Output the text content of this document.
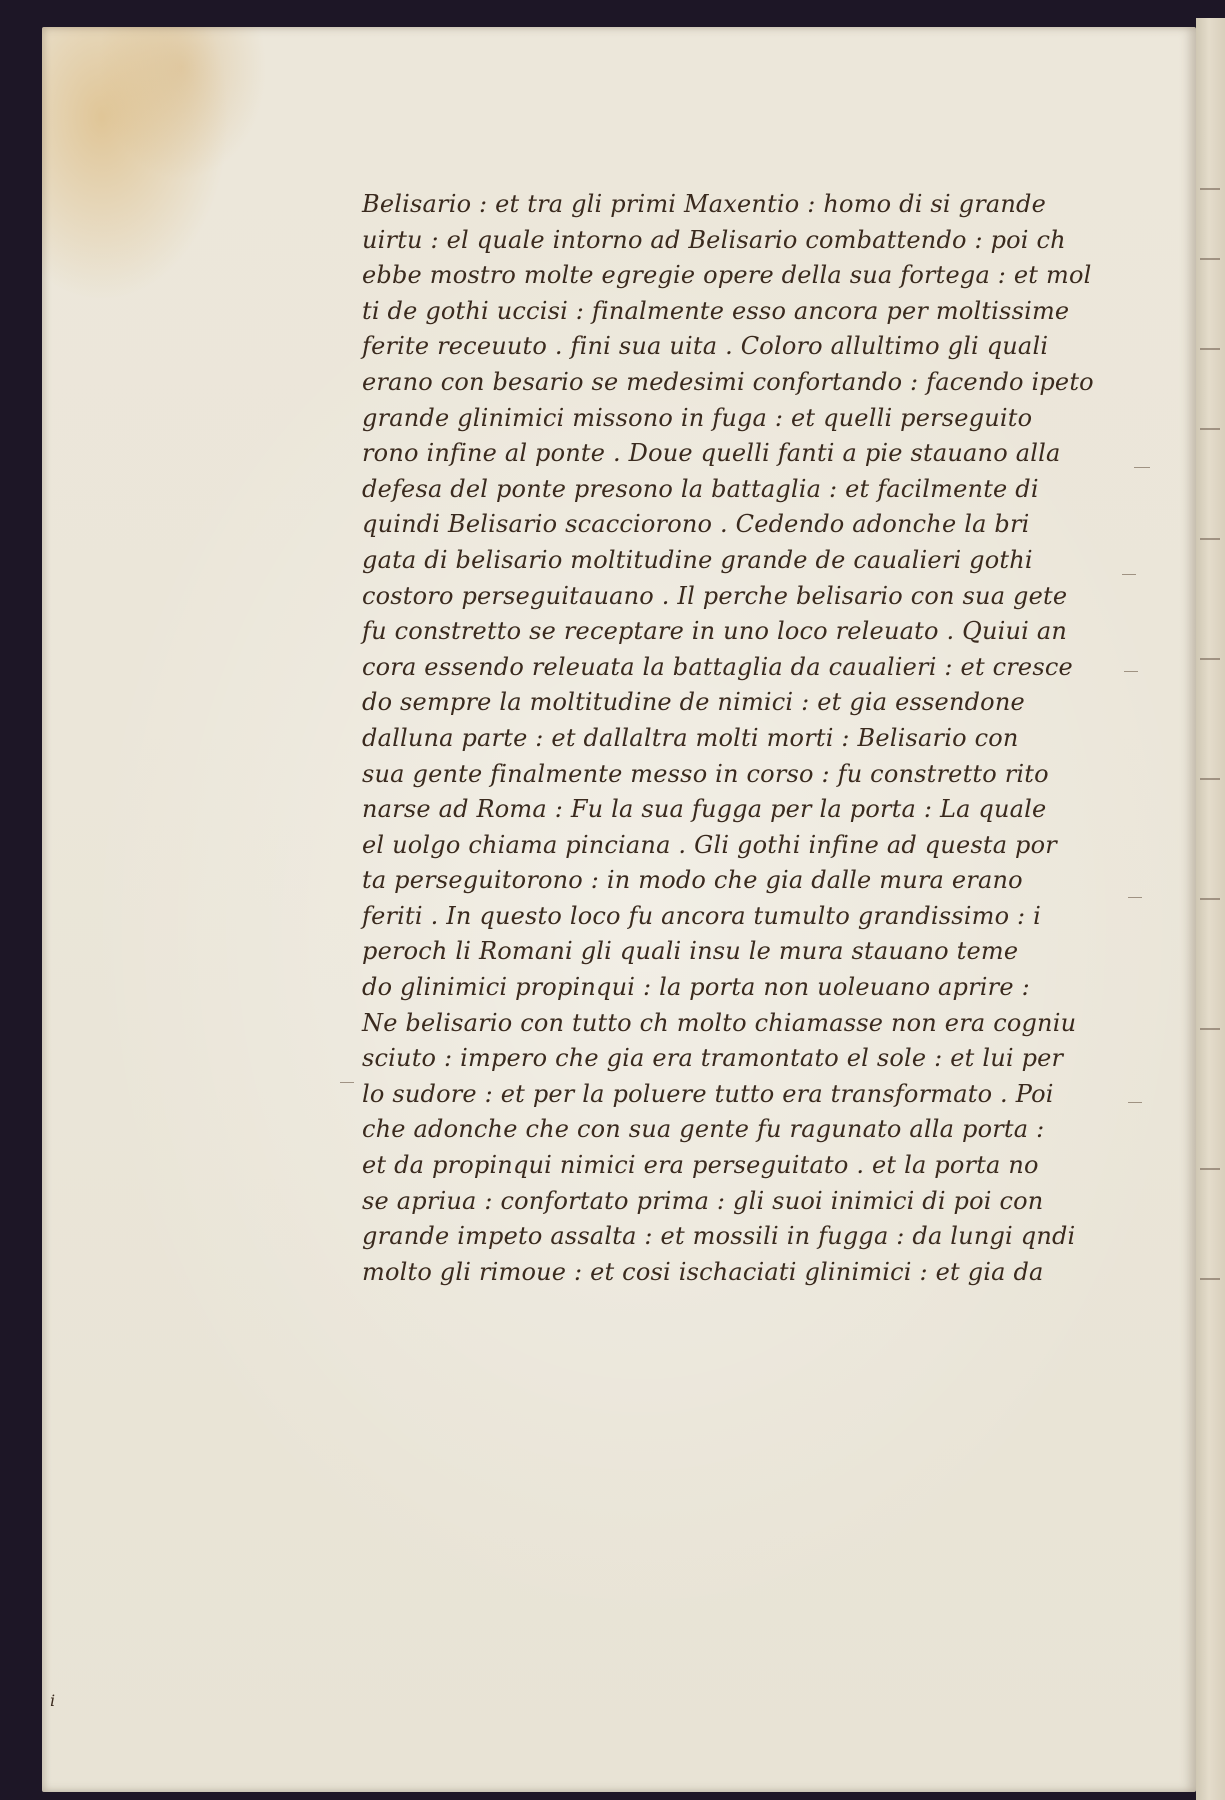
Belisario : et tra gli primi Maxentio : homo di si grande
uirtu : el quale intorno ad Belisario combattendo : poi ch
ebbe mostro molte egregie opere della sua fortega : et mol
ti de gothi uccisi : finalmente esso ancora per moltissime
ferite receuuto . fini sua uita . Coloro allultimo gli quali
erano con besario se medesimi confortando : facendo ipeto
grande glinimici missono in fuga : et quelli perseguito
rono infine al ponte . Doue quelli fanti a pie stauano alla
defesa del ponte presono la battaglia : et facilmente di
quindi Belisario scacciorono . Cedendo adonche la bri
gata di belisario moltitudine grande de caualieri gothi
costoro perseguitauano . Il perche belisario con sua gete
fu constretto se receptare in uno loco releuato . Quiui an
cora essendo releuata la battaglia da caualieri : et cresce
do sempre la moltitudine de nimici : et gia essendone
dalluna parte : et dallaltra molti morti : Belisario con
sua gente finalmente messo in corso : fu constretto rito
narse ad Roma : Fu la sua fugga per la porta : La quale
el uolgo chiama pinciana . Gli gothi infine ad questa por
ta perseguitorono : in modo che gia dalle mura erano
feriti . In questo loco fu ancora tumulto grandissimo : i
peroch li Romani gli quali insu le mura stauano teme
do glinimici propinqui : la porta non uoleuano aprire :
Ne belisario con tutto ch molto chiamasse non era cogniu
sciuto : impero che gia era tramontato el sole : et lui per
lo sudore : et per la poluere tutto era transformato . Poi
che adonche che con sua gente fu ragunato alla porta :
et da propinqui nimici era perseguitato . et la porta no
se apriua : confortato prima : gli suoi inimici di poi con
grande impeto assalta : et mossili in fugga : da lungi qndi
molto gli rimoue : et cosi ischaciati glinimici : et gia da
i
